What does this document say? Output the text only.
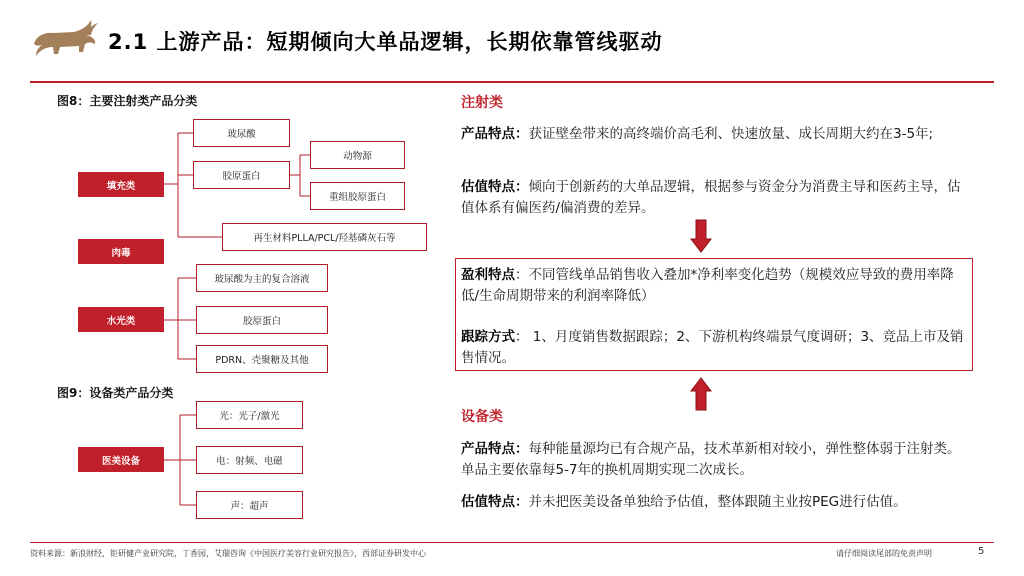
2.1 上游产品：短期倾向大单品逻辑，长期依靠管线驱动
图8：主要注射类产品分类
填充类
肉毒
水光类
玻尿酸
胶原蛋白
动物源
重组胶原蛋白
再生材料PLLA/PCL/羟基磷灰石等
玻尿酸为主的复合溶液
胶原蛋白
PDRN、壳聚糖及其他
图9：设备类产品分类
医美设备
光：光子/激光
电：射频、电磁
声：超声
注射类
产品特点：获证壁垒带来的高终端价高毛利、快速放量、成长周期大约在3-5年;
估值特点：倾向于创新药的大单品逻辑，根据参与资金分为消费主导和医药主导，估值体系有偏医药/偏消费的差异。
盈利特点：不同管线单品销售收入叠加*净利率变化趋势（规模效应导致的费用率降低/生命周期带来的利润率降低）
跟踪方式： 1、月度销售数据跟踪；2、下游机构终端景气度调研；3、竞品上市及销售情况。
设备类
产品特点：每种能量源均已有合规产品，技术革新相对较小，弹性整体弱于注射类。单品主要依靠每5-7年的换机周期实现二次成长。
估值特点：并未把医美设备单独给予估值，整体跟随主业按PEG进行估值。
资料来源：新浪财经，钜研健产业研究院，丁香园，艾瑞咨询《中国医疗美容行业研究报告》，西部证券研发中心	请仔细阅读尾部的免责声明	5
